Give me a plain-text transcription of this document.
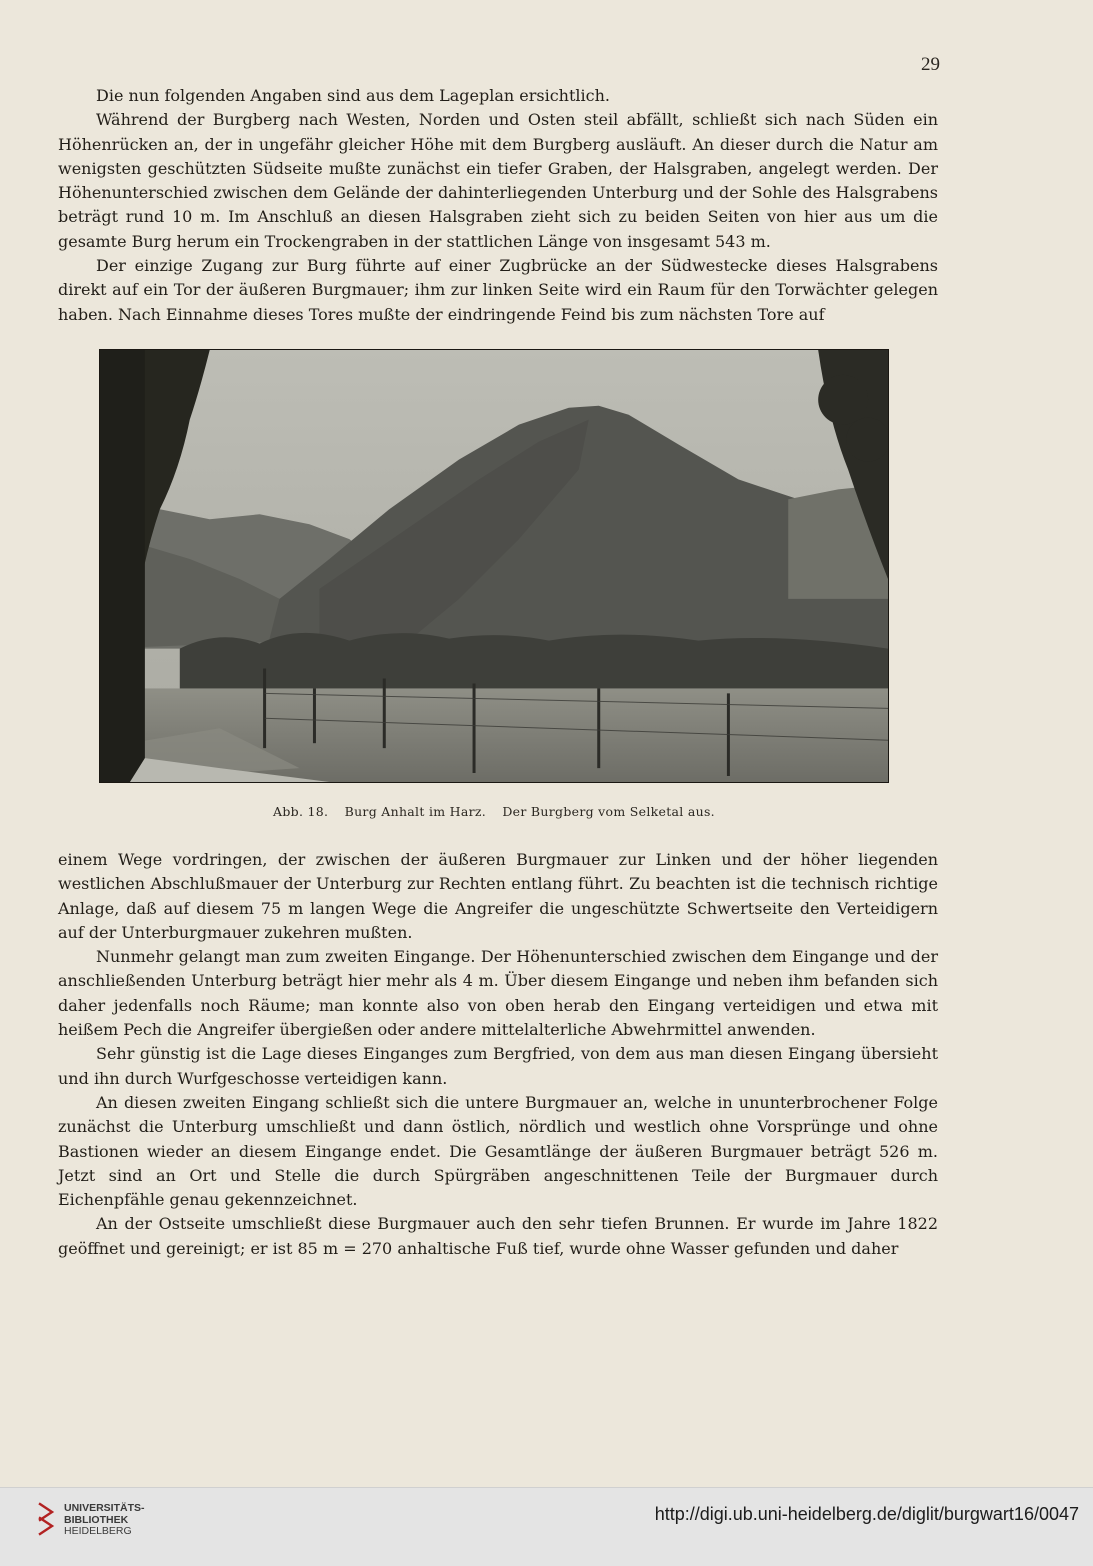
29

Die nun folgenden Angaben sind aus dem Lageplan ersichtlich.

Während der Burgberg nach Westen, Norden und Osten steil abfällt, schließt sich nach Süden ein Höhenrücken an, der in ungefähr gleicher Höhe mit dem Burgberg ausläuft. An dieser durch die Natur am wenigsten geschützten Südseite mußte zunächst ein tiefer Graben, der Halsgraben, angelegt werden. Der Höhenunterschied zwischen dem Gelände der dahinterliegenden Unterburg und der Sohle des Halsgrabens beträgt rund 10 m. Im Anschluß an diesen Halsgraben zieht sich zu beiden Seiten von hier aus um die gesamte Burg herum ein Trockengraben in der stattlichen Länge von insgesamt 543 m.

Der einzige Zugang zur Burg führte auf einer Zugbrücke an der Südwestecke dieses Halsgrabens direkt auf ein Tor der äußeren Burgmauer; ihm zur linken Seite wird ein Raum für den Torwächter gelegen haben. Nach Einnahme dieses Tores mußte der eindringende Feind bis zum nächsten Tore auf

Abb. 18. Burg Anhalt im Harz. Der Burgberg vom Selketal aus.

einem Wege vordringen, der zwischen der äußeren Burgmauer zur Linken und der höher liegenden westlichen Abschlußmauer der Unterburg zur Rechten entlang führt. Zu beachten ist die technisch richtige Anlage, daß auf diesem 75 m langen Wege die Angreifer die ungeschützte Schwertseite den Verteidigern auf der Unterburgmauer zukehren mußten.

Nunmehr gelangt man zum zweiten Eingange. Der Höhenunterschied zwischen dem Eingange und der anschließenden Unterburg beträgt hier mehr als 4 m. Über diesem Eingange und neben ihm befanden sich daher jedenfalls noch Räume; man konnte also von oben herab den Eingang verteidigen und etwa mit heißem Pech die Angreifer übergießen oder andere mittelalterliche Abwehrmittel anwenden.

Sehr günstig ist die Lage dieses Einganges zum Bergfried, von dem aus man diesen Eingang übersieht und ihn durch Wurfgeschosse verteidigen kann.

An diesen zweiten Eingang schließt sich die untere Burgmauer an, welche in ununterbrochener Folge zunächst die Unterburg umschließt und dann östlich, nördlich und westlich ohne Vorsprünge und ohne Bastionen wieder an diesem Eingange endet. Die Gesamtlänge der äußeren Burgmauer beträgt 526 m. Jetzt sind an Ort und Stelle die durch Spürgräben angeschnittenen Teile der Burgmauer durch Eichenpfähle genau gekennzeichnet.

An der Ostseite umschließt diese Burgmauer auch den sehr tiefen Brunnen. Er wurde im Jahre 1822 geöffnet und gereinigt; er ist 85 m = 270 anhaltische Fuß tief, wurde ohne Wasser gefunden und daher

UNIVERSITÄTS-
BIBLIOTHEK
HEIDELBERG
http://digi.ub.uni-heidelberg.de/diglit/burgwart16/0047
